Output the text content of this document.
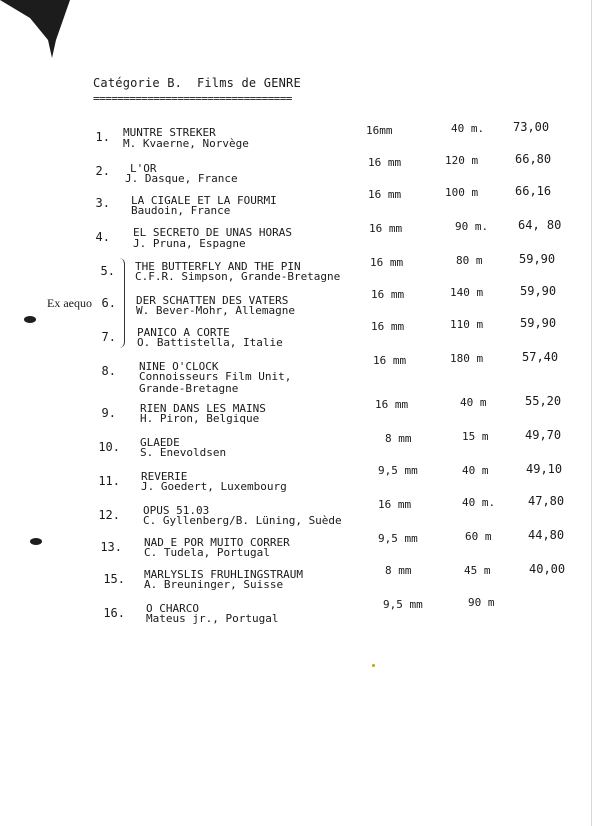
Catégorie B.  Films de GENRE
=================================
Ex aequo
1. MUNTRE STREKER
M. Kvaerne, Norvège
16mm	40 m. 73,00
2. L'OR
J. Dasque, France
16 mm	120 m	66,80
3. LA CIGALE ET LA FOURMI
Baudoin, France
16 mm	100 m	66,16
4. EL SECRETO DE UNAS HORAS
J. Pruna, Espagne
16 mm	90 m. 64, 80
5. THE BUTTERFLY AND THE PIN
C.F.R. Simpson, Grande-Bretagne
16 mm	80 m	59,90
6. DER SCHATTEN DES VATERS
W. Bever-Mohr, Allemagne
16 mm	140 m	59,90
7. PANICO A CORTE
O. Battistella, Italie
16 mm	110 m	59,90
8. NINE O'CLOCK
Connoisseurs Film Unit,
Grande-Bretagne
16 mm	180 m	57,40
9. RIEN DANS LES MAINS
H. Piron, Belgique
16 mm	40 m	55,20
10. GLAEDE
S. Enevoldsen
8 mm	15 m	49,70
11. REVERIE
J. Goedert, Luxembourg
9,5 mm	40 m	49,10
12. OPUS 51.03
C. Gyllenberg/B. Lüning, Suède
16 mm	40 m.	47,80
13. NAD E POR MUITO CORRER
C. Tudela, Portugal
9,5 mm	60 m	44,80
15. MARLYSLIS FRUHLINGSTRAUM
A. Breuninger, Suisse
8 mm	45 m	40,00
16. O CHARCO
Mateus jr., Portugal
9,5 mm	90 m
